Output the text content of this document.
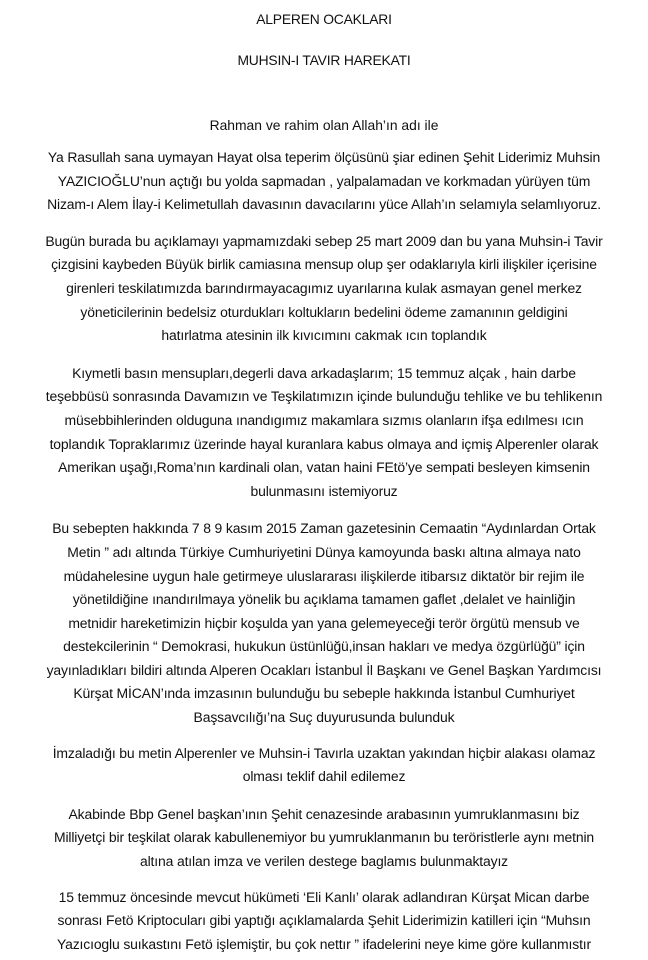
ALPEREN OCAKLARI
MUHSIN-I TAVIR HAREKATI
Rahman ve rahim olan Allah’ın adı ile
Ya Rasullah sana uymayan Hayat olsa teperim ölçüsünü şiar edinen Şehit Liderimiz Muhsin
YAZICIOĞLU’nun açtığı bu yolda sapmadan , yalpalamadan ve korkmadan yürüyen tüm
Nizam-ı Alem İlay-i Kelimetullah davasının davacılarını yüce Allah’ın selamıyla selamlıyoruz.
Bugün burada bu açıklamayı yapmamızdaki sebep 25 mart 2009 dan bu yana Muhsin-i Tavir
çizgisini kaybeden Büyük birlik camiasına mensup olup şer odaklarıyla kirli ilişkiler içerisine
girenleri teskilatımızda barındırmayacagımız uyarılarına kulak asmayan genel merkez
yöneticilerinin bedelsiz oturdukları koltukların bedelini ödeme zamanının geldigini
hatırlatma atesinin ilk kıvıcımını cakmak ıcın toplandık
Kıymetli basın mensupları,degerli dava arkadaşlarım; 15 temmuz alçak , hain darbe
teşebbüsü sonrasında Davamızın ve Teşkilatımızın içinde bulunduğu tehlike ve bu tehlikenın
müsebbihlerinden olduguna ınandıgımız makamlara sızmıs olanların ifşa edılmesı ıcın
toplandık Topraklarımız üzerinde hayal kuranlara kabus olmaya and içmiş Alperenler olarak
Amerikan uşağı,Roma’nın kardinali olan, vatan haini FEtö’ye sempati besleyen kimsenin
bulunmasını istemiyoruz
Bu sebepten hakkında 7 8 9 kasım 2015 Zaman gazetesinin Cemaatin “Aydınlardan Ortak
Metin ” adı altında Türkiye Cumhuriyetini Dünya kamoyunda baskı altına almaya nato
müdahelesine uygun hale getirmeye uluslararası ilişkilerde itibarsız diktatör bir rejim ile
yönetildiğine ınandırılmaya yönelik bu açıklama tamamen gaflet ,delalet ve hainliğin
metnidir hareketimizin hiçbir koşulda yan yana gelemeyeceği terör örgütü mensub ve
destekcilerinin “ Demokrasi, hukukun üstünlüğü,insan hakları ve medya özgürlüğü” için
yayınladıkları bildiri altında Alperen Ocakları İstanbul İl Başkanı ve Genel Başkan Yardımcısı
Kürşat MİCAN’ında imzasının bulunduğu bu sebeple hakkında İstanbul Cumhuriyet
Başsavcılığı’na Suç duyurusunda bulunduk
İmzaladığı bu metin Alperenler ve Muhsin-i Tavırla uzaktan yakından hiçbir alakası olamaz
olması teklif dahil edilemez
Akabinde Bbp Genel başkan’ının Şehit cenazesinde arabasının yumruklanmasını biz
Milliyetçi bir teşkilat olarak kabullenemiyor bu yumruklanmanın bu teröristlerle aynı metnin
altına atılan imza ve verilen destege baglamıs bulunmaktayız
15 temmuz öncesinde mevcut hükümeti ‘Eli Kanlı’ olarak adlandıran Kürşat Mican darbe
sonrası Fetö Kriptocuları gibi yaptığı açıklamalarda Şehit Liderimizin katilleri için “Muhsın
Yazıcıoglu suıkastını Fetö işlemiştir, bu çok nettır ” ifadelerini neye kime göre kullanmıstır
